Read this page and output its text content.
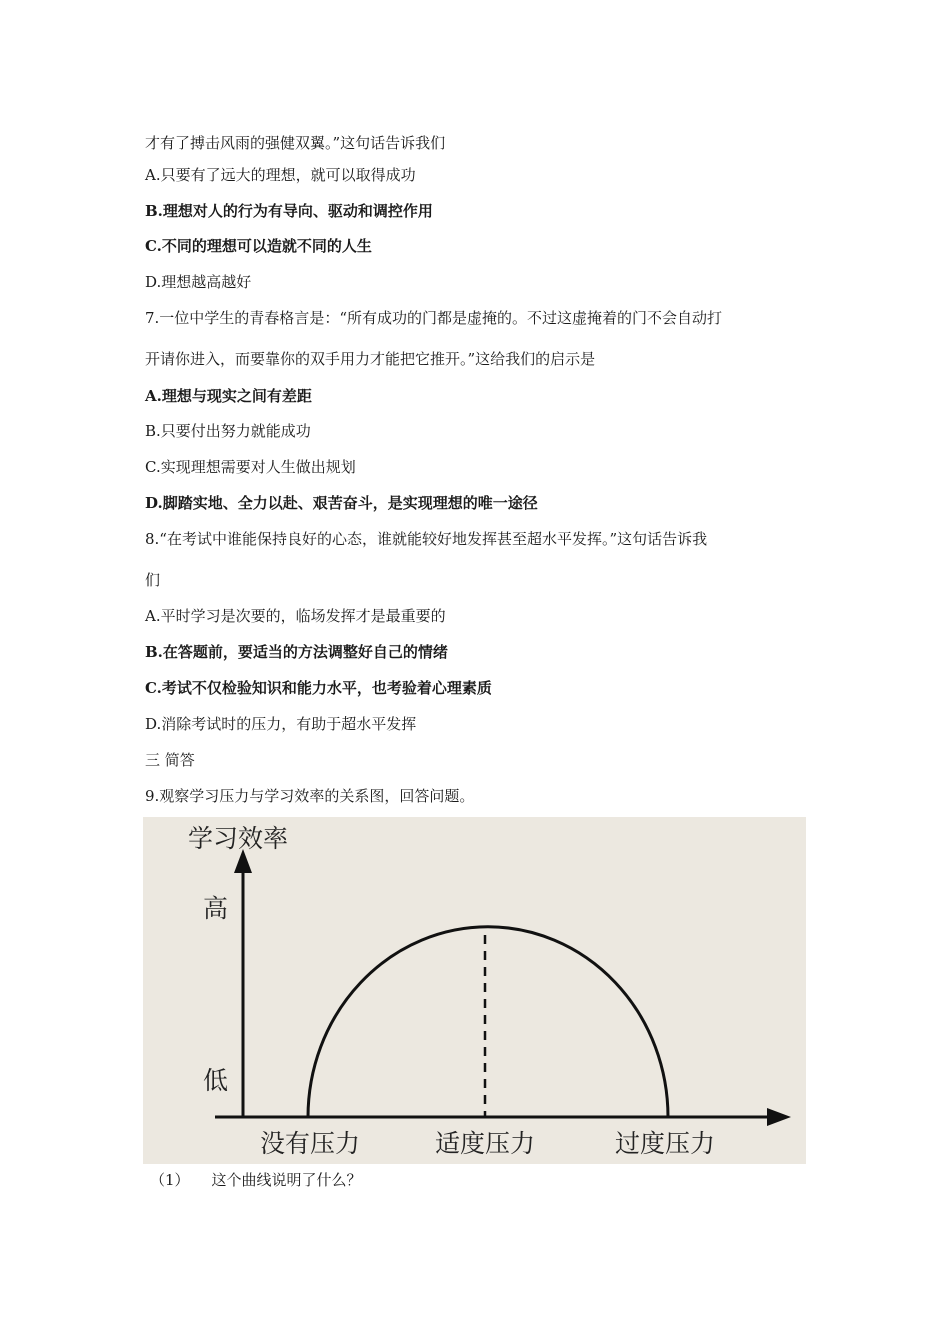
才有了搏击风雨的强健双翼。”这句话告诉我们
A.只要有了远大的理想，就可以取得成功
B.理想对人的行为有导向、驱动和调控作用
C.不同的理想可以造就不同的人生
D.理想越高越好
7.一位中学生的青春格言是：“所有成功的门都是虚掩的。不过这虚掩着的门不会自动打
开请你进入，而要靠你的双手用力才能把它推开。”这给我们的启示是
A.理想与现实之间有差距
B.只要付出努力就能成功
C.实现理想需要对人生做出规划
D.脚踏实地、全力以赴、艰苦奋斗，是实现理想的唯一途径
8.“在考试中谁能保持良好的心态，谁就能较好地发挥甚至超水平发挥。”这句话告诉我
们
A.平时学习是次要的，临场发挥才是最重要的
B.在答题前，要适当的方法调整好自己的情绪
C.考试不仅检验知识和能力水平，也考验着心理素质
D.消除考试时的压力，有助于超水平发挥
三 简答
9.观察学习压力与学习效率的关系图，回答问题。
学习效率
高
低
没有压力	适度压力	过度压力
（1） 这个曲线说明了什么？
